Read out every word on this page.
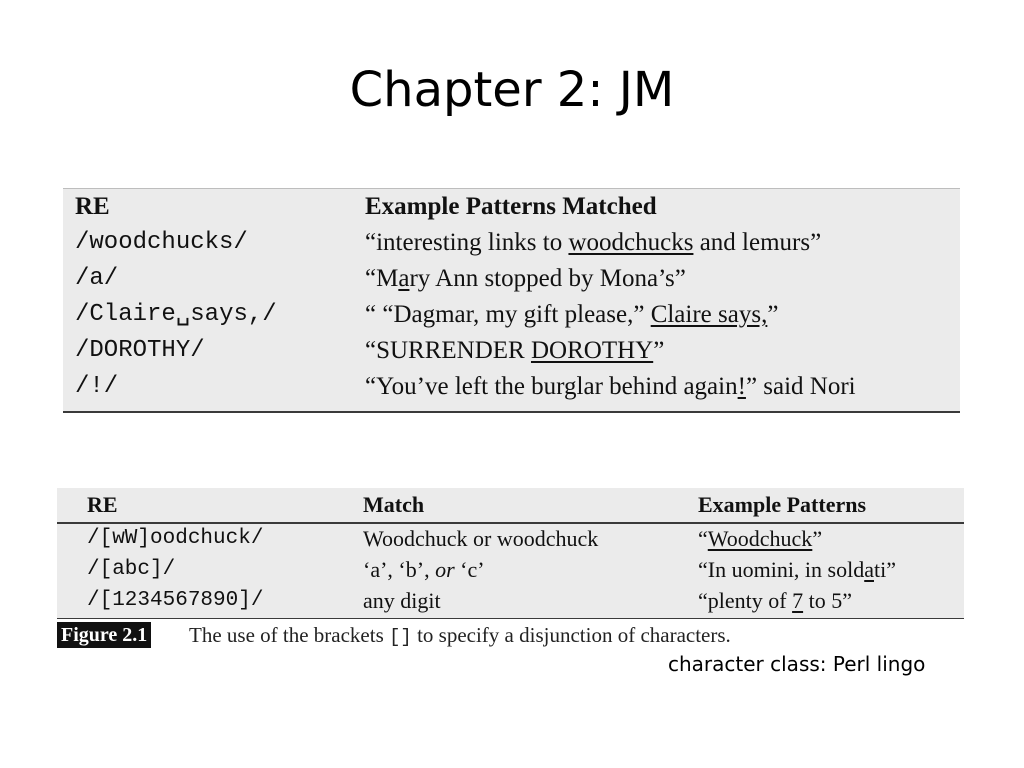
Chapter 2: JM
RE	Example Patterns Matched
/woodchucks/	“interesting links to woodchucks and lemurs”
/a/	“Mary Ann stopped by Mona’s”
/Claire␣says,/	“ “Dagmar, my gift please,” Claire says,”
/DOROTHY/	“SURRENDER DOROTHY”
/!/	“You’ve left the burglar behind again!” said Nori
RE	Match	Example Patterns
/[wW]oodchuck/	Woodchuck or woodchuck	“Woodchuck”
/[abc]/	‘a’, ‘b’, or ‘c’	“In uomini, in soldati”
/[1234567890]/	any digit	“plenty of 7 to 5”
Figure 2.1 The use of the brackets [] to specify a disjunction of characters.
character class: Perl lingo
